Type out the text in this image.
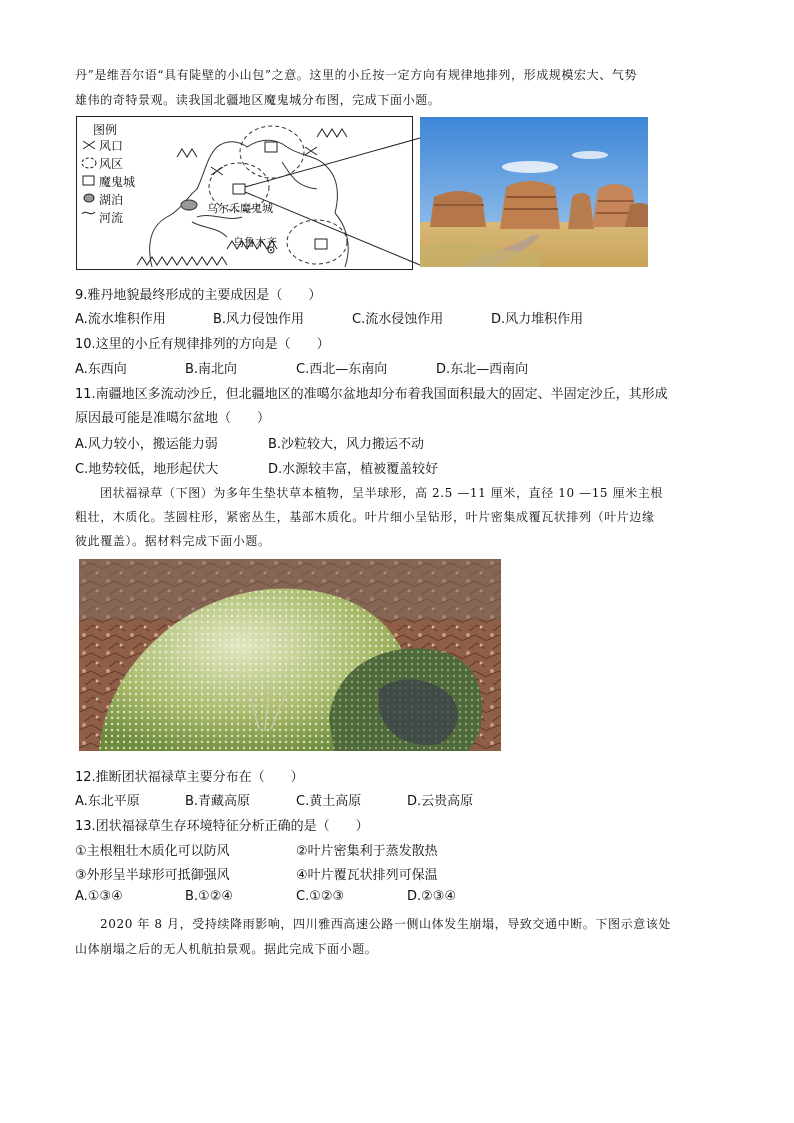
丹”是维吾尔语“具有陡壁的小山包”之意。这里的小丘按一定方向有规律地排列，形成规模宏大、气势
雄伟的奇特景观。读我国北疆地区魔鬼城分布图，完成下面小题。
图例
风口
风区
魔鬼城
湖泊
河流
乌尔禾魔鬼城
乌鲁木齐
9.雅丹地貌最终形成的主要成因是（　　）
A.流水堆积作用	B.风力侵蚀作用	C.流水侵蚀作用	D.风力堆积作用
10.这里的小丘有规律排列的方向是（　　）
A.东西向	B.南北向	C.西北—东南向	D.东北—西南向
11.南疆地区多流动沙丘，但北疆地区的准噶尔盆地却分布着我国面积最大的固定、半固定沙丘，其形成
原因最可能是准噶尔盆地（　　）
A.风力较小，搬运能力弱	B.沙粒较大，风力搬运不动
C.地势较低，地形起伏大	D.水源较丰富，植被覆盖较好
团状福禄草（下图）为多年生垫状草本植物，呈半球形，高 2.5 —11 厘米，直径 10 —15 厘米主根
粗壮，木质化。茎圆柱形，紧密丛生，基部木质化。叶片细小呈钻形，叶片密集成覆瓦状排列（叶片边缘
彼此覆盖）。据材料完成下面小题。
12.推断团状福禄草主要分布在（　　）
A.东北平原	B.青藏高原	C.黄土高原	D.云贵高原
13.团状福禄草生存环境特征分析正确的是（　　）
①主根粗壮木质化可以防风	②叶片密集利于蒸发散热
③外形呈半球形可抵御强风	④叶片覆瓦状排列可保温
A.①③④	B.①②④	C.①②③	D.②③④
2020 年 8 月，受持续降雨影响，四川雅西高速公路一侧山体发生崩塌，导致交通中断。下图示意该处
山体崩塌之后的无人机航拍景观。据此完成下面小题。
